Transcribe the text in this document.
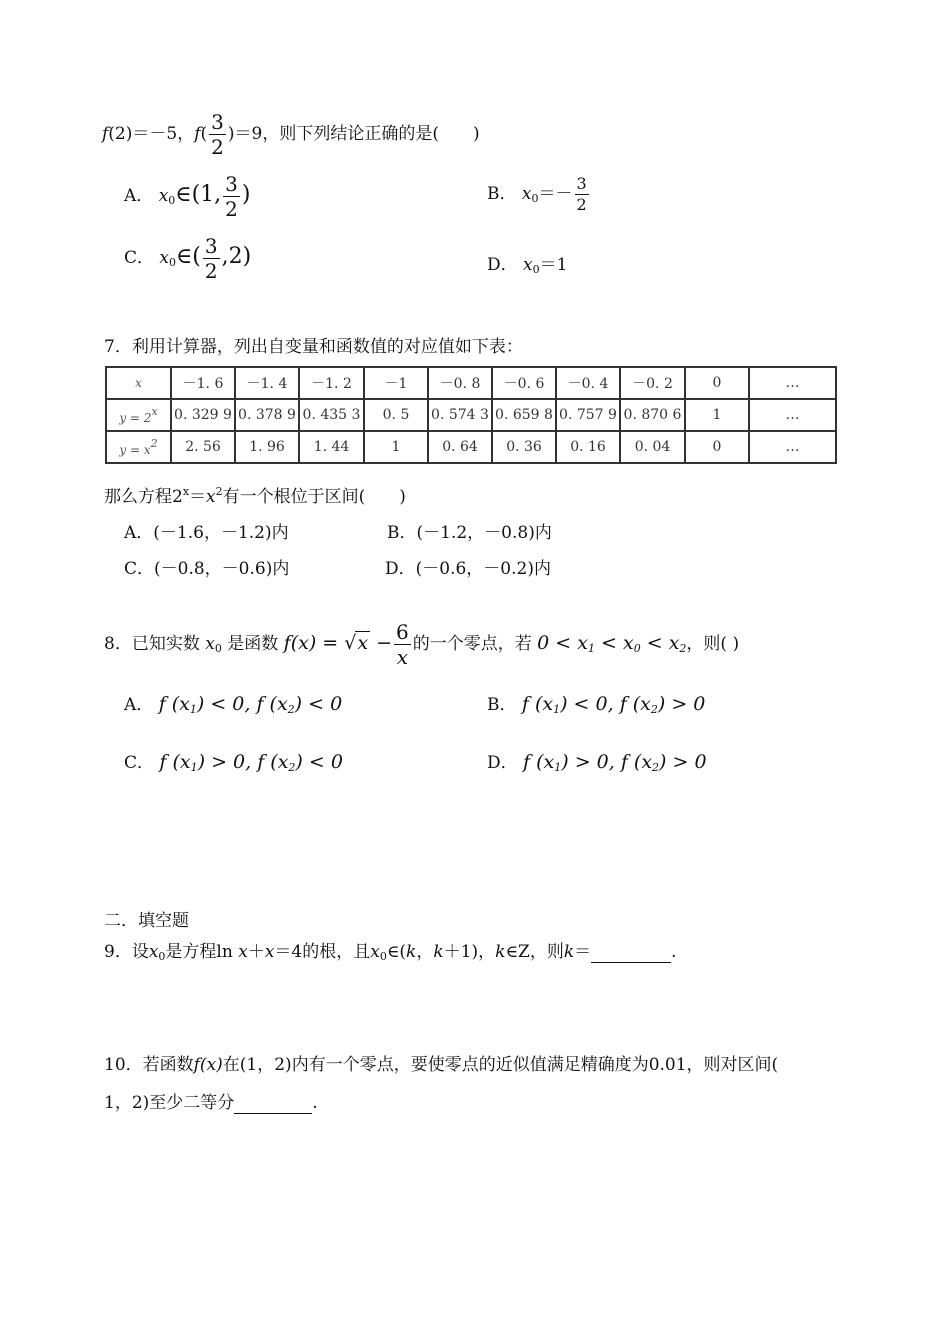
f(2)＝－5，$f( \frac{3}{2} )=9$，则下列结论正确的是(　　)
A． $x_0\in(1$, $\frac{3}{2}$ )	B． $x_0=- \frac{3}{2}$
C． $x_0\in( \frac{3}{2} ,2)$	D． $x_0=1$
7．利用计算器，列出自变量和函数值的对应值如下表：
x	－1. 6	－1. 4	－1. 2	－1	－0. 8	－0. 6	－0. 4	－0. 2	0	…
$y = 2^x$	0. 329 9	0. 378 9	0. 435 3	0. 5	0. 574 3	0. 659 8	0. 757 9	0. 870 6	1	…
$y = x^2$	2. 56	1. 96	1. 44	1	0. 64	0. 36	0. 16	0. 04	0	…
那么方程$2^x=x^2$有一个根位于区间(　　)
A．(－1.6，－1.2)内	B．(－1.2，－0.8)内
C．(－0.8，－0.6)内	D．(－0.6，－0.2)内
8．已知实数 $x_0$ 是函数 $f(x) = √x - \frac{6}{x}$ 的一个零点，若 $0 < x_1 < x_0 < x_2$，则( )
A． f $(x_1) < 0$, f $(x_2) < 0$	B． f $(x_1) < 0$, f $(x_2) > 0$
C． f $(x_1) > 0$, f $(x_2) < 0$	D． f $(x_1) > 0$, f $(x_2) > 0$
二．填空题
9．设$x_0$是方程ln x＋x＝4的根，且$x_0\in(k$，k＋1)，k∈Z，则k＝	.
10．若函数f(x)在(1，2)内有一个零点，要使零点的近似值满足精确度为0.01，则对区间(
1，2)至少二等分	.
